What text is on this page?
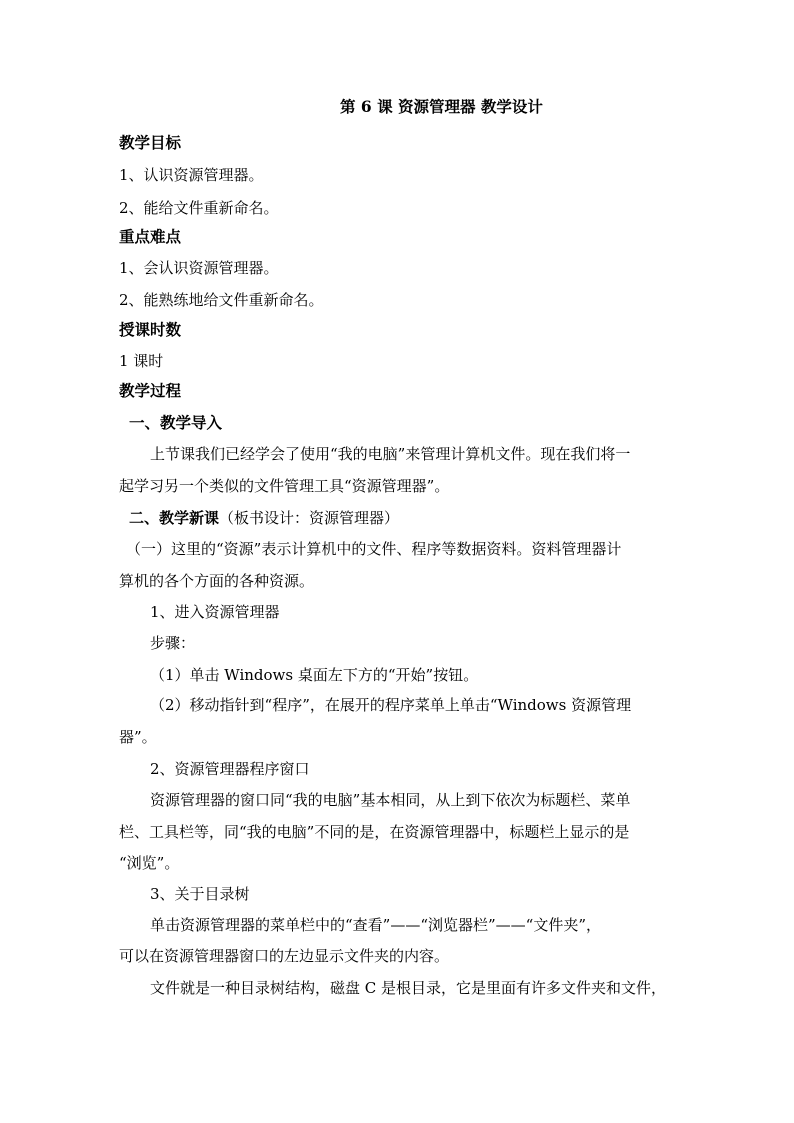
第 6 课 资源管理器 教学设计
教学目标
1、认识资源管理器。
2、能给文件重新命名。
重点难点
1、会认识资源管理器。
2、能熟练地给文件重新命名。
授课时数
1 课时
教学过程
一、教学导入
上节课我们已经学会了使用“我的电脑”来管理计算机文件。现在我们将一
起学习另一个类似的文件管理工具“资源管理器”。
二、教学新课（板书设计：资源管理器）
（一）这里的“资源”表示计算机中的文件、程序等数据资料。资料管理器计
算机的各个方面的各种资源。
1、进入资源管理器
步骤：
（1）单击 Windows 桌面左下方的“开始”按钮。
（2）移动指针到“程序”，在展开的程序菜单上单击“Windows 资源管理
器”。
2、资源管理器程序窗口
资源管理器的窗口同“我的电脑”基本相同，从上到下依次为标题栏、菜单
栏、工具栏等，同“我的电脑”不同的是，在资源管理器中，标题栏上显示的是
“浏览”。
3、关于目录树
单击资源管理器的菜单栏中的“查看”——“浏览器栏”——“文件夹”，
可以在资源管理器窗口的左边显示文件夹的内容。
文件就是一种目录树结构，磁盘 C 是根目录，它是里面有许多文件夹和文件，
